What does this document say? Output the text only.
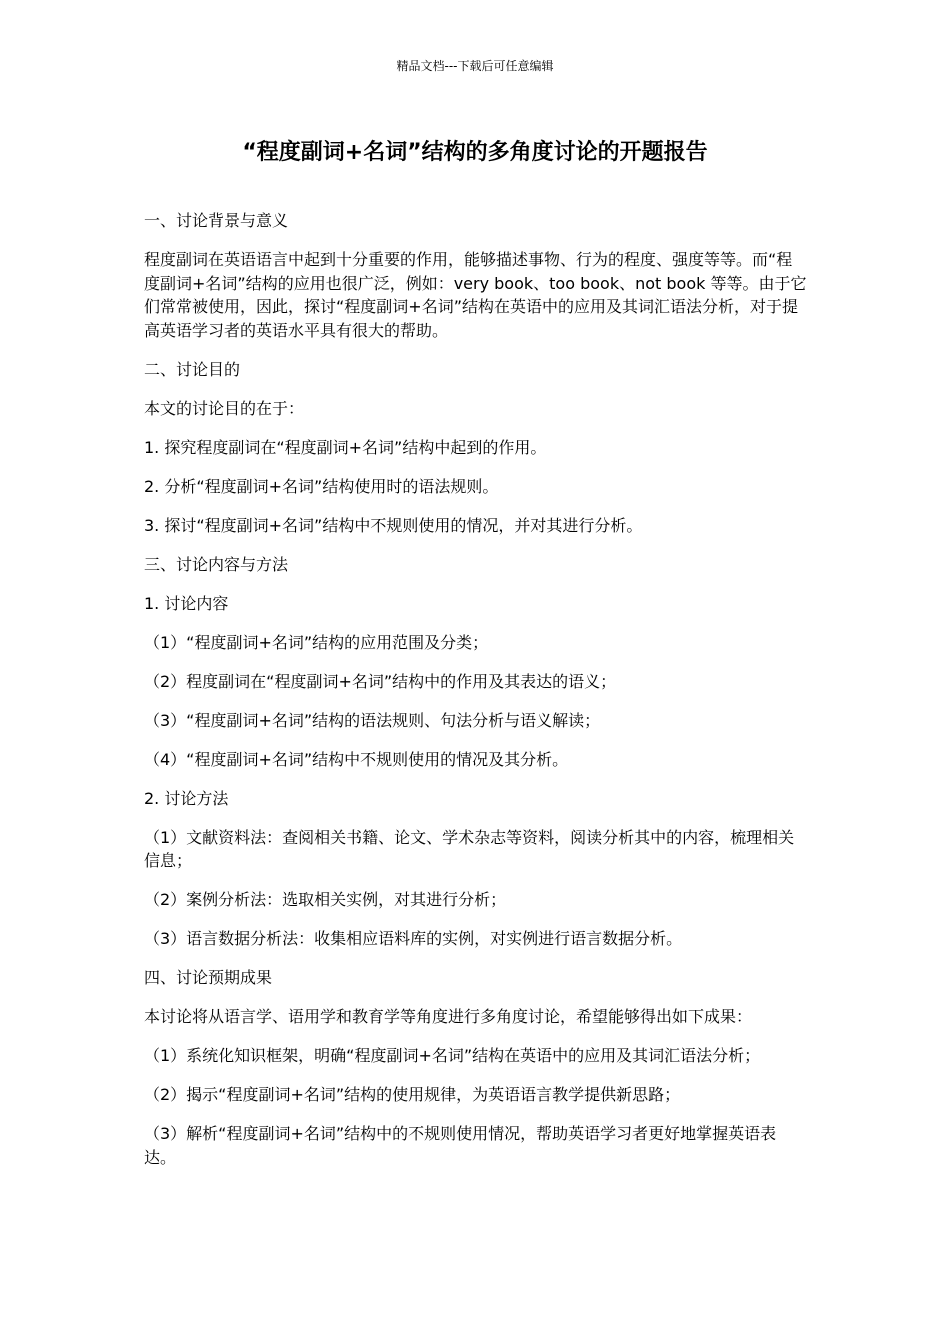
精品文档---下载后可任意编辑
“程度副词+名词”结构的多角度讨论的开题报告

一、讨论背景与意义

程度副词在英语语言中起到十分重要的作用，能够描述事物、行为的程度、强度等等。而“程度副词+名词”结构的应用也很广泛，例如：very book、too book、not book 等等。由于它们常常被使用，因此，探讨“程度副词+名词”结构在英语中的应用及其词汇语法分析，对于提高英语学习者的英语水平具有很大的帮助。

二、讨论目的

本文的讨论目的在于：

1. 探究程度副词在“程度副词+名词”结构中起到的作用。

2. 分析“程度副词+名词”结构使用时的语法规则。

3. 探讨“程度副词+名词”结构中不规则使用的情况，并对其进行分析。

三、讨论内容与方法

1. 讨论内容

（1）“程度副词+名词”结构的应用范围及分类；

（2）程度副词在“程度副词+名词”结构中的作用及其表达的语义；

（3）“程度副词+名词”结构的语法规则、句法分析与语义解读；

（4）“程度副词+名词”结构中不规则使用的情况及其分析。

2. 讨论方法

（1）文献资料法：查阅相关书籍、论文、学术杂志等资料，阅读分析其中的内容，梳理相关信息；

（2）案例分析法：选取相关实例，对其进行分析；

（3）语言数据分析法：收集相应语料库的实例，对实例进行语言数据分析。

四、讨论预期成果

本讨论将从语言学、语用学和教育学等角度进行多角度讨论，希望能够得出如下成果：

（1）系统化知识框架，明确“程度副词+名词”结构在英语中的应用及其词汇语法分析；

（2）揭示“程度副词+名词”结构的使用规律，为英语语言教学提供新思路；

（3）解析“程度副词+名词”结构中的不规则使用情况，帮助英语学习者更好地掌握英语表达。
